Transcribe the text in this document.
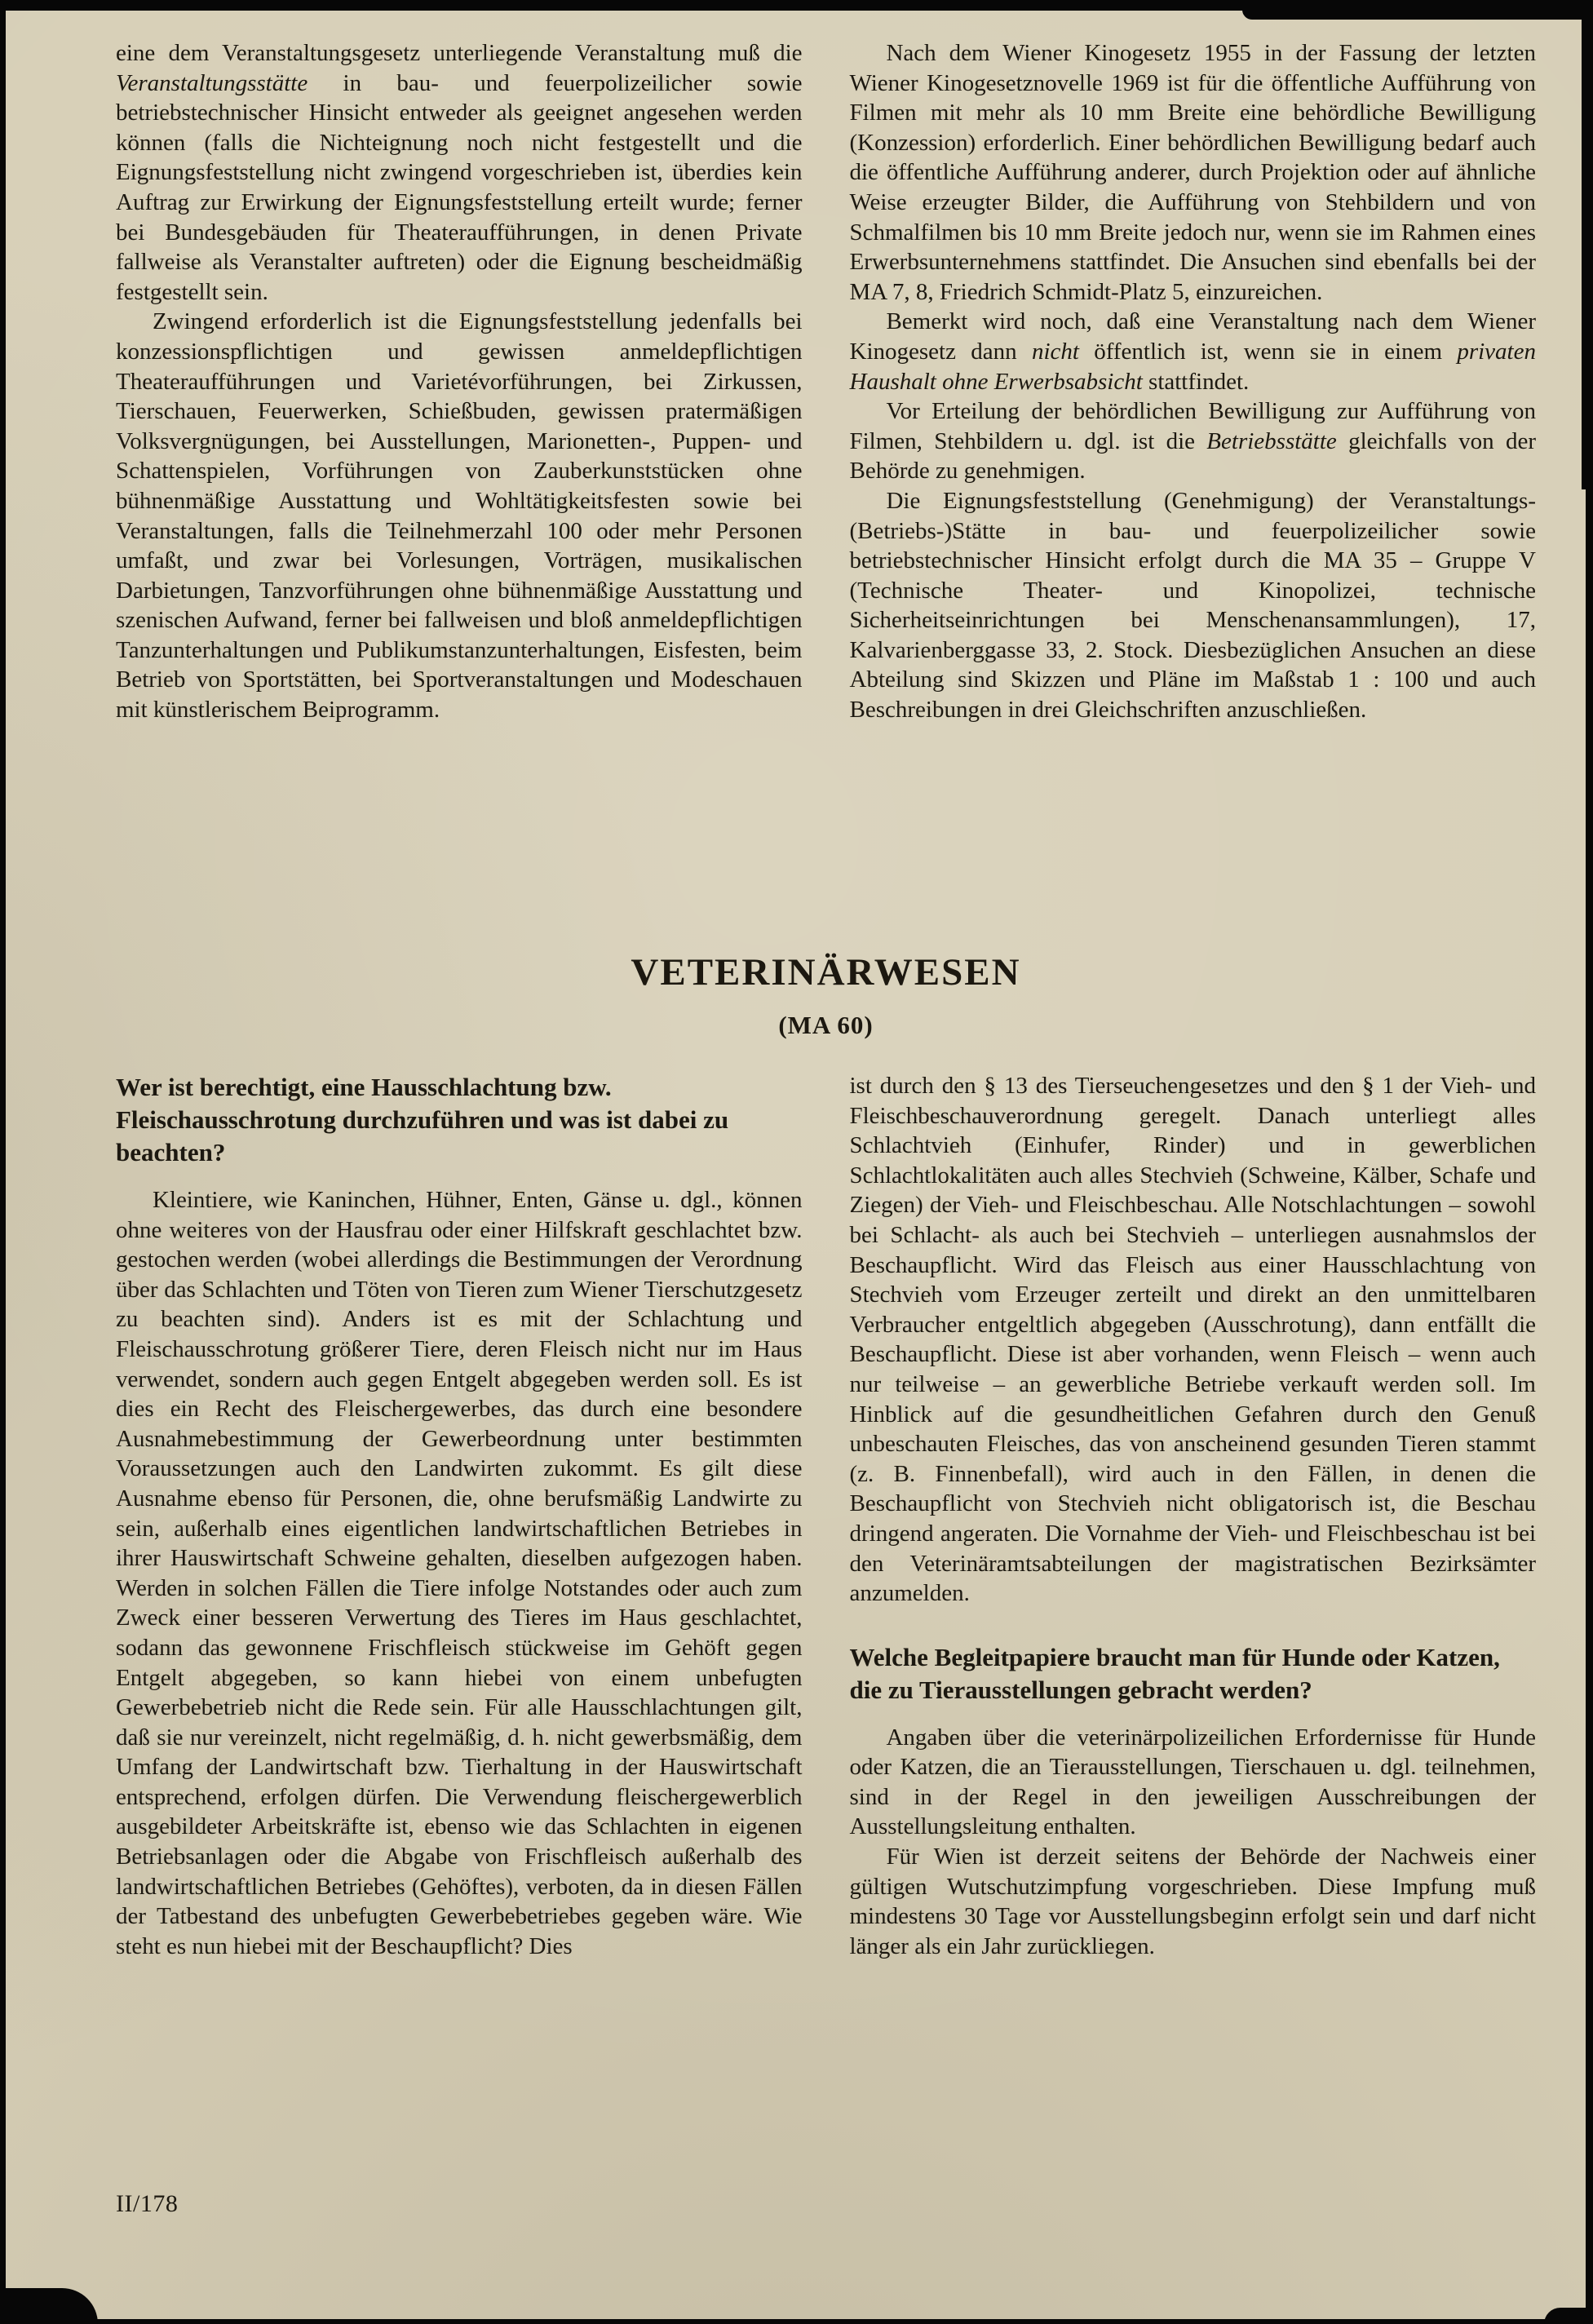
eine dem Veranstaltungsgesetz unterliegende Veranstaltung muß die Veranstaltungsstätte in bau- und feuerpolizeilicher sowie betriebstechnischer Hinsicht entweder als geeignet angesehen werden können (falls die Nichteignung noch nicht festgestellt und die Eignungsfeststellung nicht zwingend vorgeschrieben ist, überdies kein Auftrag zur Erwirkung der Eignungsfeststellung erteilt wurde; ferner bei Bundesgebäuden für Theateraufführungen, in denen Private fallweise als Veranstalter auftreten) oder die Eignung bescheidmäßig festgestellt sein.

Zwingend erforderlich ist die Eignungsfeststellung jedenfalls bei konzessionspflichtigen und gewissen anmeldepflichtigen Theateraufführungen und Varietévorführungen, bei Zirkussen, Tierschauen, Feuerwerken, Schießbuden, gewissen pratermäßigen Volksvergnügungen, bei Ausstellungen, Marionetten-, Puppen- und Schattenspielen, Vorführungen von Zauberkunststücken ohne bühnenmäßige Ausstattung und Wohltätigkeitsfesten sowie bei Veranstaltungen, falls die Teilnehmerzahl 100 oder mehr Personen umfaßt, und zwar bei Vorlesungen, Vorträgen, musikalischen Darbietungen, Tanzvorführungen ohne bühnenmäßige Ausstattung und szenischen Aufwand, ferner bei fallweisen und bloß anmeldepflichtigen Tanzunterhaltungen und Publikumstanzunterhaltungen, Eisfesten, beim Betrieb von Sportstätten, bei Sportveranstaltungen und Modeschauen mit künstlerischem Beiprogramm.

Nach dem Wiener Kinogesetz 1955 in der Fassung der letzten Wiener Kinogesetznovelle 1969 ist für die öffentliche Aufführung von Filmen mit mehr als 10 mm Breite eine behördliche Bewilligung (Konzession) erforderlich. Einer behördlichen Bewilligung bedarf auch die öffentliche Aufführung anderer, durch Projektion oder auf ähnliche Weise erzeugter Bilder, die Aufführung von Stehbildern und von Schmalfilmen bis 10 mm Breite jedoch nur, wenn sie im Rahmen eines Erwerbsunternehmens stattfindet. Die Ansuchen sind ebenfalls bei der MA 7, 8, Friedrich Schmidt-Platz 5, einzureichen.

Bemerkt wird noch, daß eine Veranstaltung nach dem Wiener Kinogesetz dann nicht öffentlich ist, wenn sie in einem privaten Haushalt ohne Erwerbsabsicht stattfindet.

Vor Erteilung der behördlichen Bewilligung zur Aufführung von Filmen, Stehbildern u. dgl. ist die Betriebsstätte gleichfalls von der Behörde zu genehmigen.

Die Eignungsfeststellung (Genehmigung) der Veranstaltungs-(Betriebs-)Stätte in bau- und feuerpolizeilicher sowie betriebstechnischer Hinsicht erfolgt durch die MA 35 – Gruppe V (Technische Theater- und Kinopolizei, technische Sicherheitseinrichtungen bei Menschenansammlungen), 17, Kalvarienberggasse 33, 2. Stock. Diesbezüglichen Ansuchen an diese Abteilung sind Skizzen und Pläne im Maßstab 1 : 100 und auch Beschreibungen in drei Gleichschriften anzuschließen.

VETERINÄRWESEN
(MA 60)
Wer ist berechtigt, eine Hausschlachtung bzw. Fleischausschrotung durchzuführen und was ist dabei zu beachten?

Kleintiere, wie Kaninchen, Hühner, Enten, Gänse u. dgl., können ohne weiteres von der Hausfrau oder einer Hilfskraft geschlachtet bzw. gestochen werden (wobei allerdings die Bestimmungen der Verordnung über das Schlachten und Töten von Tieren zum Wiener Tierschutzgesetz zu beachten sind). Anders ist es mit der Schlachtung und Fleischausschrotung größerer Tiere, deren Fleisch nicht nur im Haus verwendet, sondern auch gegen Entgelt abgegeben werden soll. Es ist dies ein Recht des Fleischergewerbes, das durch eine besondere Ausnahmebestimmung der Gewerbeordnung unter bestimmten Voraussetzungen auch den Landwirten zukommt. Es gilt diese Ausnahme ebenso für Personen, die, ohne berufsmäßig Landwirte zu sein, außerhalb eines eigentlichen landwirtschaftlichen Betriebes in ihrer Hauswirtschaft Schweine gehalten, dieselben aufgezogen haben. Werden in solchen Fällen die Tiere infolge Notstandes oder auch zum Zweck einer besseren Verwertung des Tieres im Haus geschlachtet, sodann das gewonnene Frischfleisch stückweise im Gehöft gegen Entgelt abgegeben, so kann hiebei von einem unbefugten Gewerbebetrieb nicht die Rede sein. Für alle Hausschlachtungen gilt, daß sie nur vereinzelt, nicht regelmäßig, d. h. nicht gewerbsmäßig, dem Umfang der Landwirtschaft bzw. Tierhaltung in der Hauswirtschaft entsprechend, erfolgen dürfen. Die Verwendung fleischergewerblich ausgebildeter Arbeitskräfte ist, ebenso wie das Schlachten in eigenen Betriebsanlagen oder die Abgabe von Frischfleisch außerhalb des landwirtschaftlichen Betriebes (Gehöftes), verboten, da in diesen Fällen der Tatbestand des unbefugten Gewerbebetriebes gegeben wäre. Wie steht es nun hiebei mit der Beschaupflicht? Dies

ist durch den § 13 des Tierseuchengesetzes und den § 1 der Vieh- und Fleischbeschauverordnung geregelt. Danach unterliegt alles Schlachtvieh (Einhufer, Rinder) und in gewerblichen Schlachtlokalitäten auch alles Stechvieh (Schweine, Kälber, Schafe und Ziegen) der Vieh- und Fleischbeschau. Alle Notschlachtungen – sowohl bei Schlacht- als auch bei Stechvieh – unterliegen ausnahmslos der Beschaupflicht. Wird das Fleisch aus einer Hausschlachtung von Stechvieh vom Erzeuger zerteilt und direkt an den unmittelbaren Verbraucher entgeltlich abgegeben (Ausschrotung), dann entfällt die Beschaupflicht. Diese ist aber vorhanden, wenn Fleisch – wenn auch nur teilweise – an gewerbliche Betriebe verkauft werden soll. Im Hinblick auf die gesundheitlichen Gefahren durch den Genuß unbeschauten Fleisches, das von anscheinend gesunden Tieren stammt (z. B. Finnenbefall), wird auch in den Fällen, in denen die Beschaupflicht von Stechvieh nicht obligatorisch ist, die Beschau dringend angeraten. Die Vornahme der Vieh- und Fleischbeschau ist bei den Veterinäramtsabteilungen der magistratischen Bezirksämter anzumelden.

Welche Begleitpapiere braucht man für Hunde oder Katzen, die zu Tierausstellungen gebracht werden?

Angaben über die veterinärpolizeilichen Erfordernisse für Hunde oder Katzen, die an Tierausstellungen, Tierschauen u. dgl. teilnehmen, sind in der Regel in den jeweiligen Ausschreibungen der Ausstellungsleitung enthalten.

Für Wien ist derzeit seitens der Behörde der Nachweis einer gültigen Wutschutzimpfung vorgeschrieben. Diese Impfung muß mindestens 30 Tage vor Ausstellungsbeginn erfolgt sein und darf nicht länger als ein Jahr zurückliegen.

II/178
